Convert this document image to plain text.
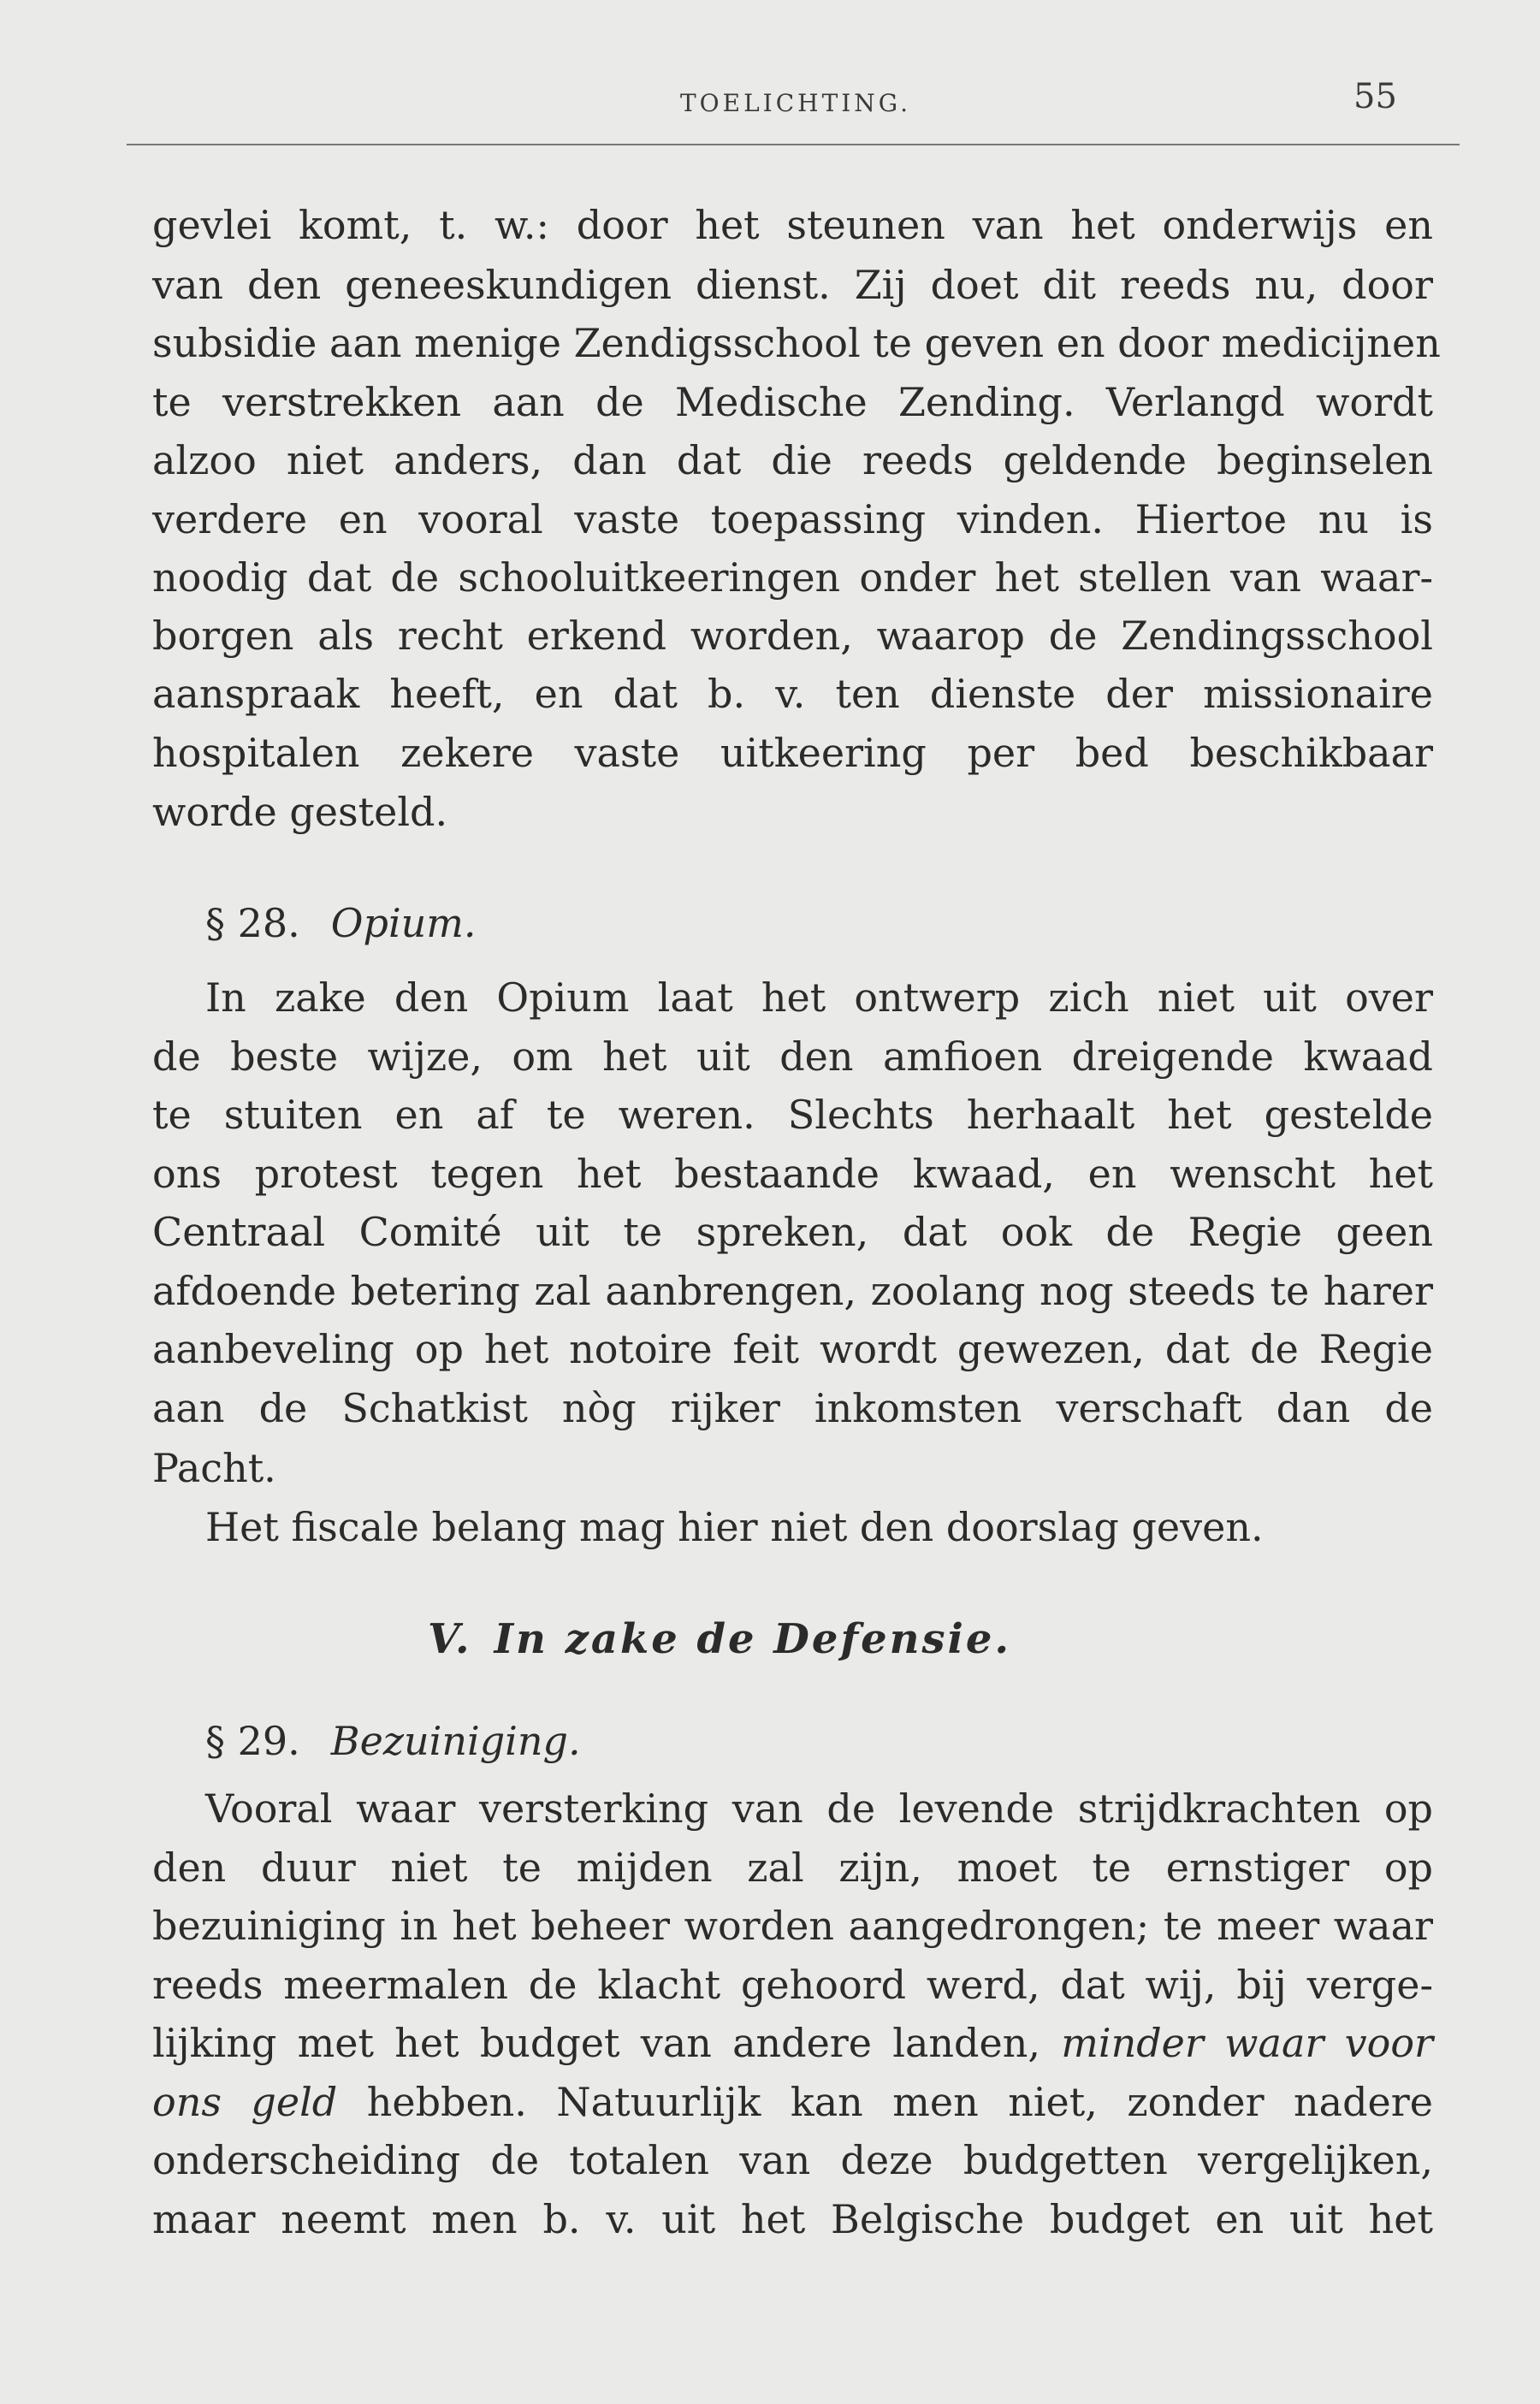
TOELICHTING.	55
gevlei komt, t. w.: door het steunen van het onderwijs en
van den geneeskundigen dienst. Zij doet dit reeds nu, door
subsidie aan menige Zendigsschool te geven en door medicijnen
te verstrekken aan de Medische Zending. Verlangd wordt
alzoo niet anders, dan dat die reeds geldende beginselen
verdere en vooral vaste toepassing vinden. Hiertoe nu is
noodig dat de schooluitkeeringen onder het stellen van waar-
borgen als recht erkend worden, waarop de Zendingsschool
aanspraak heeft, en dat b. v. ten dienste der missionaire
hospitalen zekere vaste uitkeering per bed beschikbaar
worde gesteld.
§ 28. Opium.
In zake den Opium laat het ontwerp zich niet uit over
de beste wijze, om het uit den amfioen dreigende kwaad
te stuiten en af te weren. Slechts herhaalt het gestelde
ons protest tegen het bestaande kwaad, en wenscht het
Centraal Comité uit te spreken, dat ook de Regie geen
afdoende betering zal aanbrengen, zoolang nog steeds te harer
aanbeveling op het notoire feit wordt gewezen, dat de Regie
aan de Schatkist nòg rijker inkomsten verschaft dan de
Pacht.
Het fiscale belang mag hier niet den doorslag geven.
V. In zake de Defensie.
§ 29. Bezuiniging.
Vooral waar versterking van de levende strijdkrachten op
den duur niet te mijden zal zijn, moet te ernstiger op
bezuiniging in het beheer worden aangedrongen; te meer waar
reeds meermalen de klacht gehoord werd, dat wij, bij verge-
lijking met het budget van andere landen, minder waar voor
ons geld hebben. Natuurlijk kan men niet, zonder nadere
onderscheiding de totalen van deze budgetten vergelijken,
maar neemt men b. v. uit het Belgische budget en uit het
